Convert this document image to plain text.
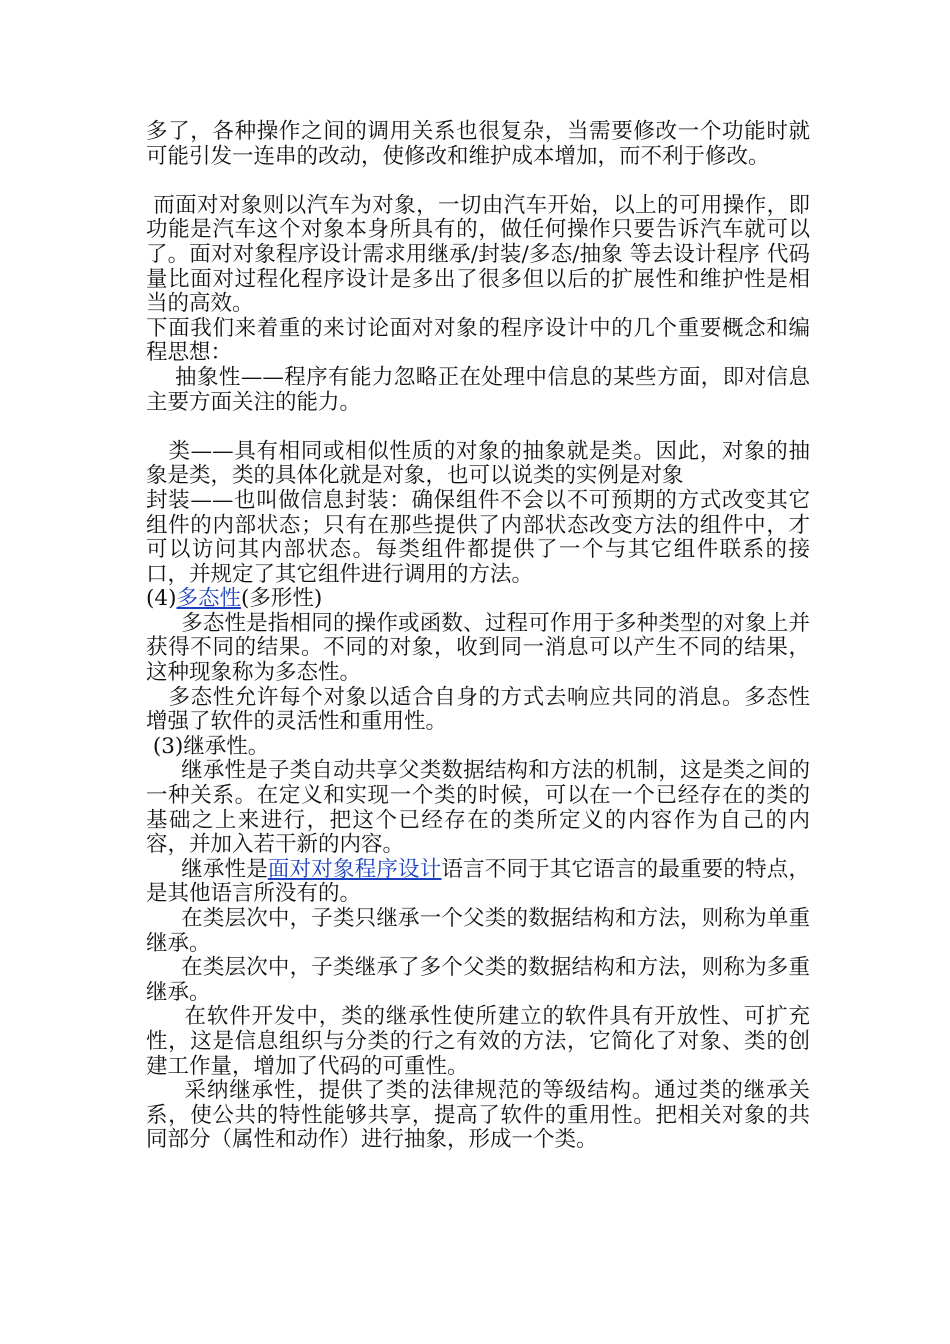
多了，各种操作之间的调用关系也很复杂，当需要修改一个功能时就可能引发一连串的改动，使修改和维护成本增加，而不利于修改。

而面对对象则以汽车为对象，一切由汽车开始，以上的可用操作，即功能是汽车这个对象本身所具有的，做任何操作只要告诉汽车就可以了。面对对象程序设计需求用继承/封装/多态/抽象 等去设计程序 代码量比面对过程化程序设计是多出了很多但以后的扩展性和维护性是相当的高效。

下面我们来着重的来讨论面对对象的程序设计中的几个重要概念和编程思想：

抽象性——程序有能力忽略正在处理中信息的某些方面，即对信息主要方面关注的能力。

类——具有相同或相似性质的对象的抽象就是类。因此，对象的抽象是类，类的具体化就是对象，也可以说类的实例是对象

封装——也叫做信息封装：确保组件不会以不可预期的方式改变其它组件的内部状态；只有在那些提供了内部状态改变方法的组件中，才可以访问其内部状态。每类组件都提供了一个与其它组件联系的接口，并规定了其它组件进行调用的方法。

(4)多态性(多形性)

多态性是指相同的操作或函数、过程可作用于多种类型的对象上并获得不同的结果。不同的对象，收到同一消息可以产生不同的结果，这种现象称为多态性。

多态性允许每个对象以适合自身的方式去响应共同的消息。多态性增强了软件的灵活性和重用性。

(3)继承性。

继承性是子类自动共享父类数据结构和方法的机制，这是类之间的一种关系。在定义和实现一个类的时候，可以在一个已经存在的类的基础之上来进行，把这个已经存在的类所定义的内容作为自己的内容，并加入若干新的内容。

继承性是面对对象程序设计语言不同于其它语言的最重要的特点，是其他语言所没有的。

在类层次中，子类只继承一个父类的数据结构和方法，则称为单重继承。

在类层次中，子类继承了多个父类的数据结构和方法，则称为多重继承。

在软件开发中，类的继承性使所建立的软件具有开放性、可扩充性，这是信息组织与分类的行之有效的方法，它简化了对象、类的创建工作量，增加了代码的可重性。

采纳继承性，提供了类的法律规范的等级结构。通过类的继承关系，使公共的特性能够共享，提高了软件的重用性。把相关对象的共同部分（属性和动作）进行抽象，形成一个类。
